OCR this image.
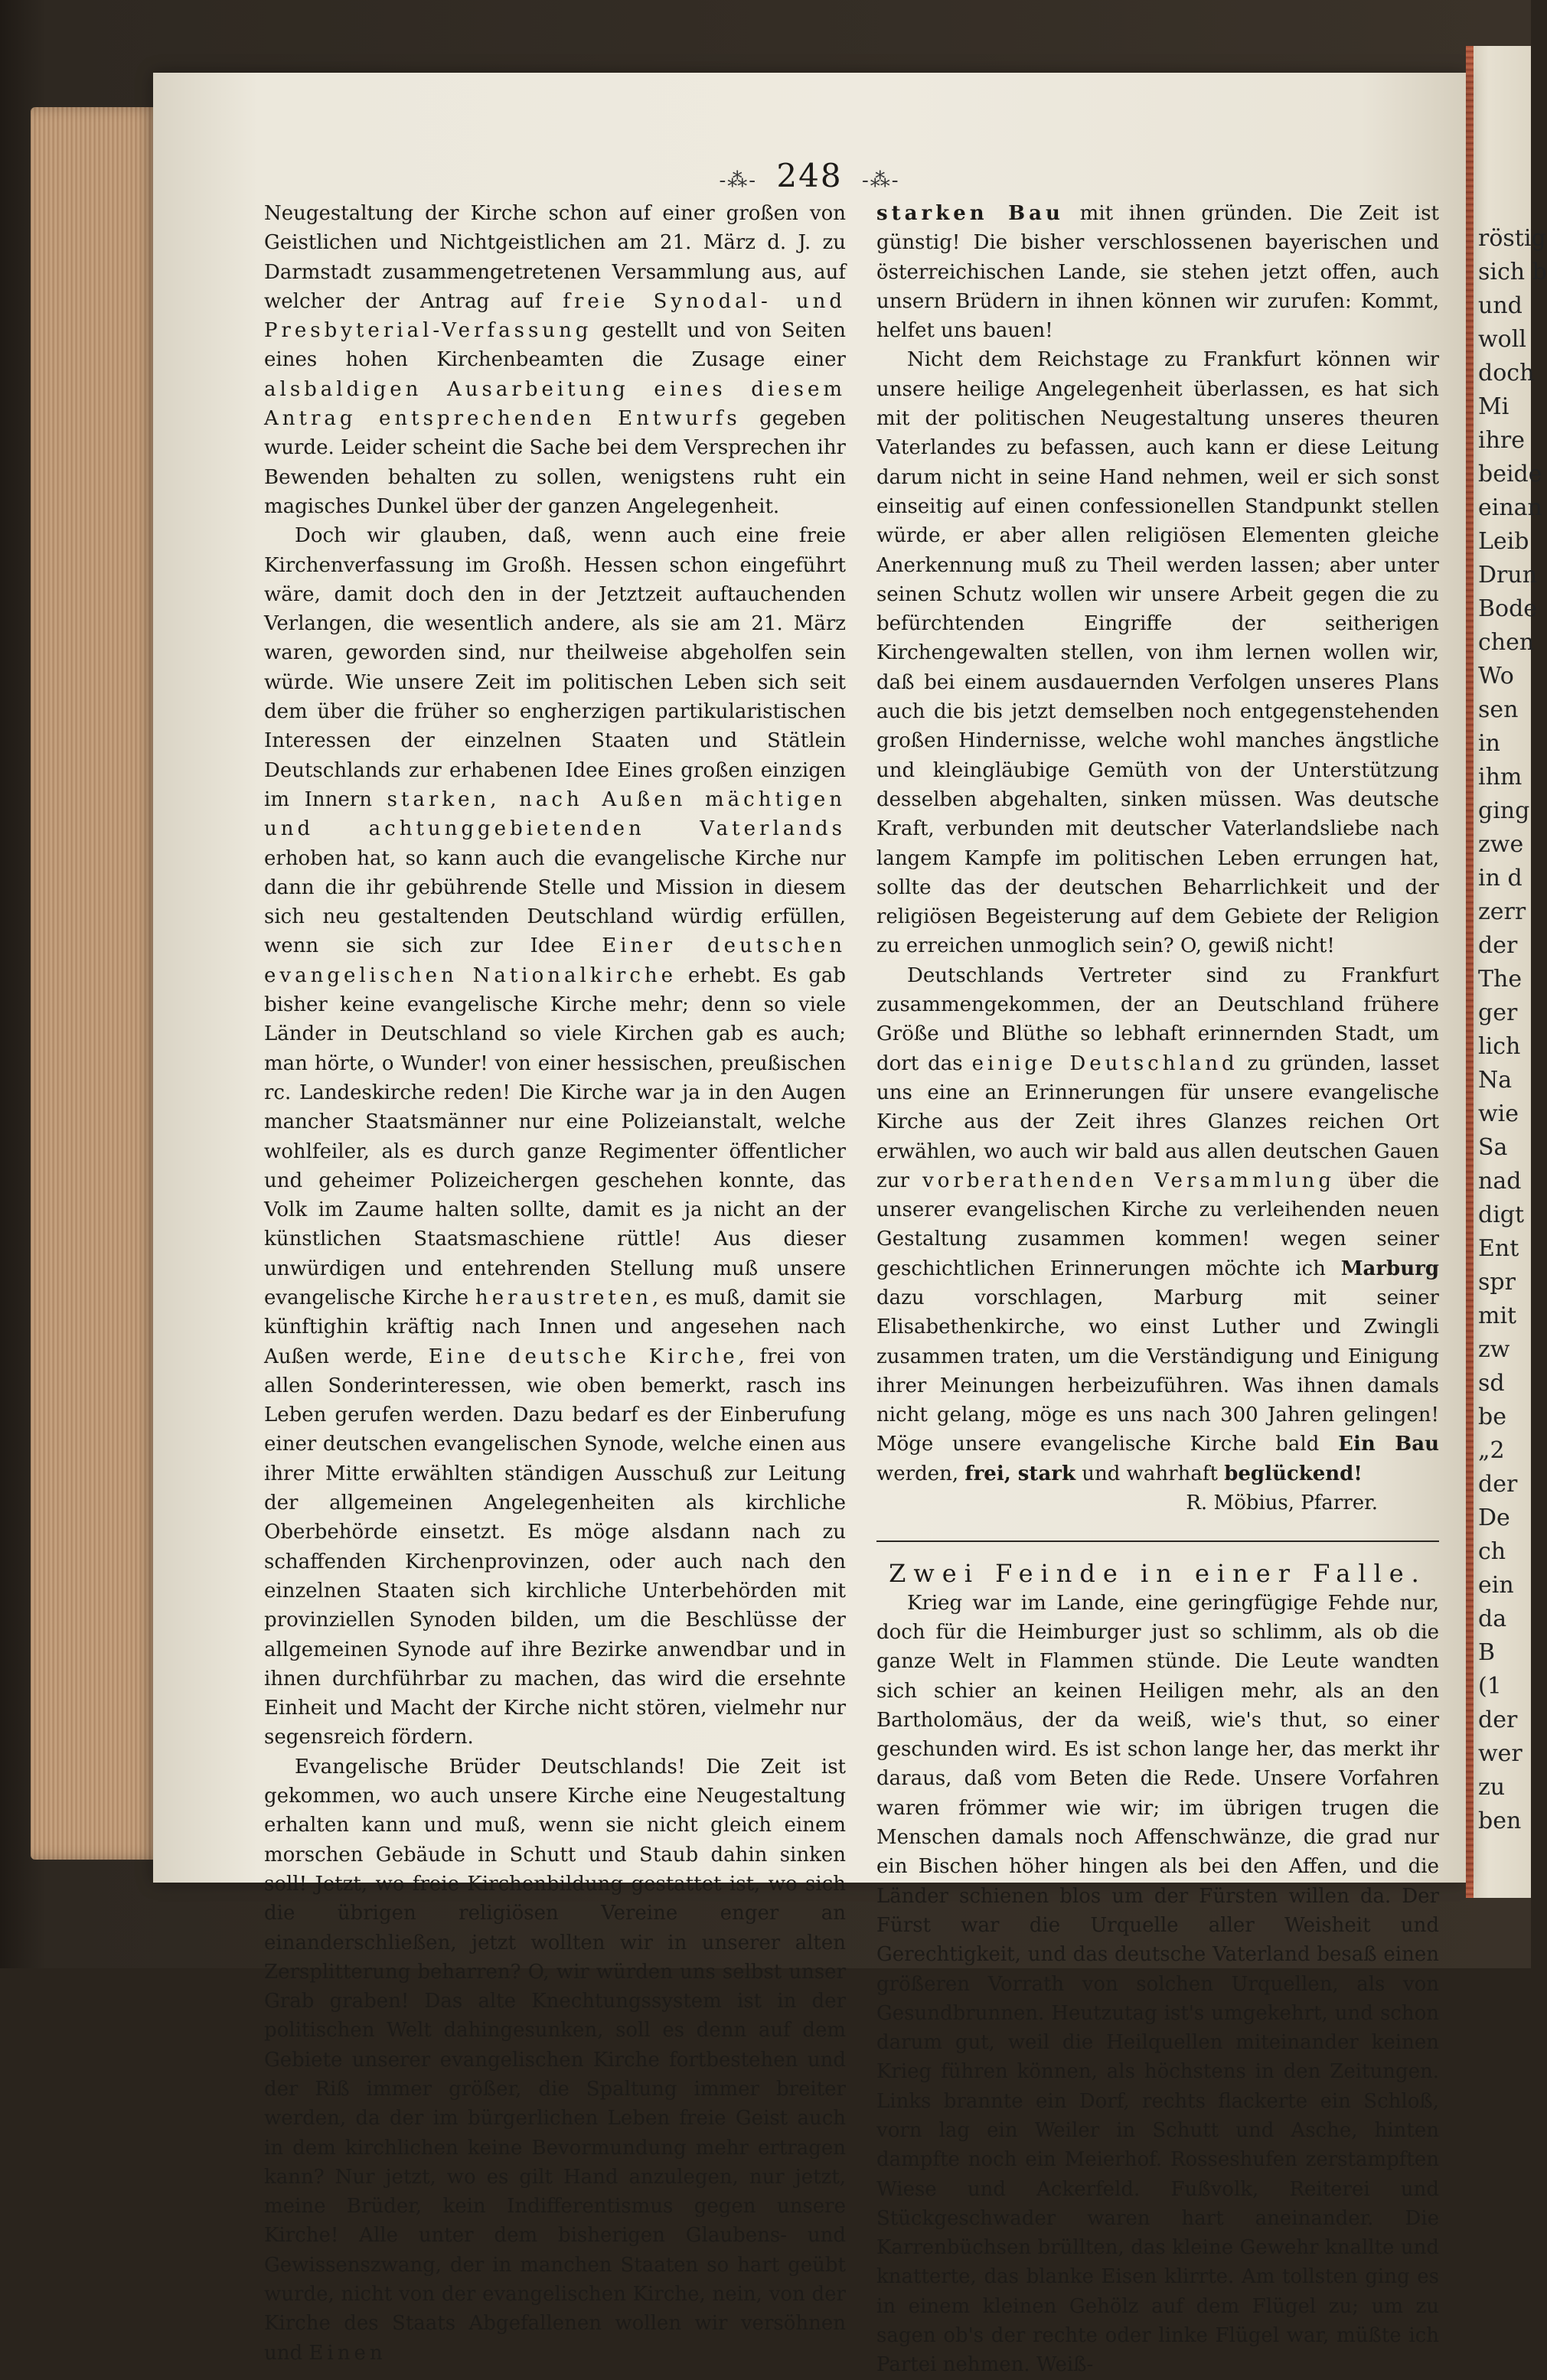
röstig
sich b
und
woll
doch
Mi
ihre
beide
einan
Leib
Drun
Bode
chen
Wo
sen
in
ihm
ging
zwe
in d
zerr
der
The
ger
lich
Na
wie
Sa
nad
digt
Ent
spr
mit
zw
sd
be
„2
der
De
ch
ein
da
B
(1
der
wer
zu
ben
-⁂- 248 -⁂-

Neugestaltung der Kirche schon auf einer großen von Geistlichen und Nichtgeistlichen am 21. März d. J. zu Darmstadt zusammengetretenen Versammlung aus, auf welcher der Antrag auf freie Synodal- und Presbyterial-Verfassung gestellt und von Seiten eines hohen Kirchenbeamten die Zusage einer alsbaldigen Ausarbeitung eines diesem Antrag entsprechenden Entwurfs gegeben wurde. Leider scheint die Sache bei dem Versprechen ihr Bewenden behalten zu sollen, wenigstens ruht ein magisches Dunkel über der ganzen Angelegenheit.

Doch wir glauben, daß, wenn auch eine freie Kirchenverfassung im Großh. Hessen schon eingeführt wäre, damit doch den in der Jetztzeit auftauchenden Verlangen, die wesentlich andere, als sie am 21. März waren, geworden sind, nur theilweise abgeholfen sein würde. Wie unsere Zeit im politischen Leben sich seit dem über die früher so engherzigen partikularistischen Interessen der einzelnen Staaten und Stätlein Deutschlands zur erhabenen Idee Eines großen einzigen im Innern starken, nach Außen mächtigen und achtunggebietenden Vaterlands erhoben hat, so kann auch die evangelische Kirche nur dann die ihr gebührende Stelle und Mission in diesem sich neu gestaltenden Deutschland würdig erfüllen, wenn sie sich zur Idee Einer deutschen evangelischen Nationalkirche erhebt. Es gab bisher keine evangelische Kirche mehr; denn so viele Länder in Deutschland so viele Kirchen gab es auch; man hörte, o Wunder! von einer hessischen, preußischen rc. Landeskirche reden! Die Kirche war ja in den Augen mancher Staatsmänner nur eine Polizeianstalt, welche wohlfeiler, als es durch ganze Regimenter öffentlicher und geheimer Polizeichergen geschehen konnte, das Volk im Zaume halten sollte, damit es ja nicht an der künstlichen Staatsmaschiene rüttle! Aus dieser unwürdigen und entehrenden Stellung muß unsere evangelische Kirche heraustreten, es muß, damit sie künftighin kräftig nach Innen und angesehen nach Außen werde, Eine deutsche Kirche, frei von allen Sonderinteressen, wie oben bemerkt, rasch ins Leben gerufen werden. Dazu bedarf es der Einberufung einer deutschen evangelischen Synode, welche einen aus ihrer Mitte erwählten ständigen Ausschuß zur Leitung der allgemeinen Angelegenheiten als kirchliche Oberbehörde einsetzt. Es möge alsdann nach zu schaffenden Kirchenprovinzen, oder auch nach den einzelnen Staaten sich kirchliche Unterbehörden mit provinziellen Synoden bilden, um die Beschlüsse der allgemeinen Synode auf ihre Bezirke anwendbar und in ihnen durchführbar zu machen, das wird die ersehnte Einheit und Macht der Kirche nicht stören, vielmehr nur segensreich fördern.

Evangelische Brüder Deutschlands! Die Zeit ist gekommen, wo auch unsere Kirche eine Neugestaltung erhalten kann und muß, wenn sie nicht gleich einem morschen Gebäude in Schutt und Staub dahin sinken soll! Jetzt, wo freie Kirchenbildung gestattet ist, wo sich die übrigen religiösen Vereine enger an einanderschließen, jetzt wollten wir in unserer alten Zersplitterung beharren? O, wir würden uns selbst unser Grab graben! Das alte Knechtungssystem ist in der politischen Welt dahingesunken, soll es denn auf dem Gebiete unserer evangelischen Kirche fortbestehen und der Riß immer größer, die Spaltung immer breiter werden, da der im bürgerlichen Leben freie Geist auch in dem kirchlichen keine Bevormundung mehr ertragen kann? Nur jetzt, wo es gilt Hand anzulegen, nur jetzt, meine Brüder, kein Indifferentismus gegen unsere Kirche! Alle unter dem bisherigen Glaubens- und Gewissenszwang, der in manchen Staaten so hart geübt wurde, nicht von der evangelischen Kirche, nein, von der Kirche des Staats Abgefallenen wollen wir versöhnen und Einen

starken Bau mit ihnen gründen. Die Zeit ist günstig! Die bisher verschlossenen bayerischen und österreichischen Lande, sie stehen jetzt offen, auch unsern Brüdern in ihnen können wir zurufen: Kommt, helfet uns bauen!

Nicht dem Reichstage zu Frankfurt können wir unsere heilige Angelegenheit überlassen, es hat sich mit der politischen Neugestaltung unseres theuren Vaterlandes zu befassen, auch kann er diese Leitung darum nicht in seine Hand nehmen, weil er sich sonst einseitig auf einen confessionellen Standpunkt stellen würde, er aber allen religiösen Elementen gleiche Anerkennung muß zu Theil werden lassen; aber unter seinen Schutz wollen wir unsere Arbeit gegen die zu befürchtenden Eingriffe der seitherigen Kirchengewalten stellen, von ihm lernen wollen wir, daß bei einem ausdauernden Verfolgen unseres Plans auch die bis jetzt demselben noch entgegenstehenden großen Hindernisse, welche wohl manches ängstliche und kleingläubige Gemüth von der Unterstützung desselben abgehalten, sinken müssen. Was deutsche Kraft, verbunden mit deutscher Vaterlandsliebe nach langem Kampfe im politischen Leben errungen hat, sollte das der deutschen Beharrlichkeit und der religiösen Begeisterung auf dem Gebiete der Religion zu erreichen unmoglich sein? O, gewiß nicht!

Deutschlands Vertreter sind zu Frankfurt zusammengekommen, der an Deutschland frühere Größe und Blüthe so lebhaft erinnernden Stadt, um dort das einige Deutschland zu gründen, lasset uns eine an Erinnerungen für unsere evangelische Kirche aus der Zeit ihres Glanzes reichen Ort erwählen, wo auch wir bald aus allen deutschen Gauen zur vorberathenden Versammlung über die unserer evangelischen Kirche zu verleihenden neuen Gestaltung zusammen kommen! wegen seiner geschichtlichen Erinnerungen möchte ich Marburg dazu vorschlagen, Marburg mit seiner Elisabethenkirche, wo einst Luther und Zwingli zusammen traten, um die Verständigung und Einigung ihrer Meinungen herbeizuführen. Was ihnen damals nicht gelang, möge es uns nach 300 Jahren gelingen! Möge unsere evangelische Kirche bald Ein Bau werden, frei, stark und wahrhaft beglückend!

R. Möbius, Pfarrer.

Zwei Feinde in einer Falle.

Krieg war im Lande, eine geringfügige Fehde nur, doch für die Heimburger just so schlimm, als ob die ganze Welt in Flammen stünde. Die Leute wandten sich schier an keinen Heiligen mehr, als an den Bartholomäus, der da weiß, wie's thut, so einer geschunden wird. Es ist schon lange her, das merkt ihr daraus, daß vom Beten die Rede. Unsere Vorfahren waren frömmer wie wir; im übrigen trugen die Menschen damals noch Affenschwänze, die grad nur ein Bischen höher hingen als bei den Affen, und die Länder schienen blos um der Fürsten willen da. Der Fürst war die Urquelle aller Weisheit und Gerechtigkeit, und das deutsche Vaterland besaß einen größeren Vorrath von solchen Urquellen, als von Gesundbrunnen. Heutzutag ist's umgekehrt, und schon darum gut, weil die Heilquellen miteinander keinen Krieg führen können, als höchstens in den Zeitungen. Links brannte ein Dorf, rechts flackerte ein Schloß, vorn lag ein Weiler in Schutt und Asche, hinten dampfte noch ein Meierhof. Rosseshufen zerstampften Wiese und Ackerfeld. Fußvolk, Reiterei und Stückgeschwader waren hart aneinander. Die Karrenbüchsen brüllten, das kleine Gewehr knallte und knatterte, das blanke Eisen klirrte. Am tollsten ging es in einem kleinen Gehölz auf dem Flügel zu; um zu sagen ob's der rechte oder linke Flügel war, müßte ich Partei nehmen. Weiß-
